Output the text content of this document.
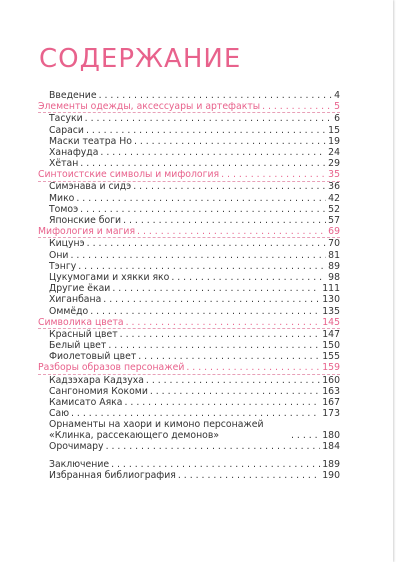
СОДЕРЖАНИЕ
Введение . . .	4
Элементы одежды, аксессуары и артефакты . . .	5
Тасуки . . .	6
Сараси . . .	15
Маски театра Но . . .	19
Ханафуда . . .	24
Хётан . . .	29
Синтоистские символы и мифология . . .	35
Симэнава и сидэ . . .	36
Мико . . .	42
Томоэ . . .	52
Японские боги . . .	57
Мифология и магия . . .	69
Кицунэ . . .	70
Они . . .	81
Тэнгу . . .	89
Цукумогами и хякки яко . . .	98
Другие ёкаи . . .	111
Хиганбана . . .	130
Оммёдо . . .	135
Символика цвета . . .	145
Красный цвет . . .	147
Белый цвет . . .	150
Фиолетовый цвет . . .	155
Разборы образов персонажей . . .	159
Кадзэхара Кадзуха . . .	160
Сангономия Кокоми . . .	163
Камисато Аяка . . .	167
Саю . . .	173
Орнаменты на хаори и кимоно персонажей «Клинка, рассекающего демонов» . . .	180
Орочимару . . .	184
Заключение . . .	189
Избранная библиография . . .	190
